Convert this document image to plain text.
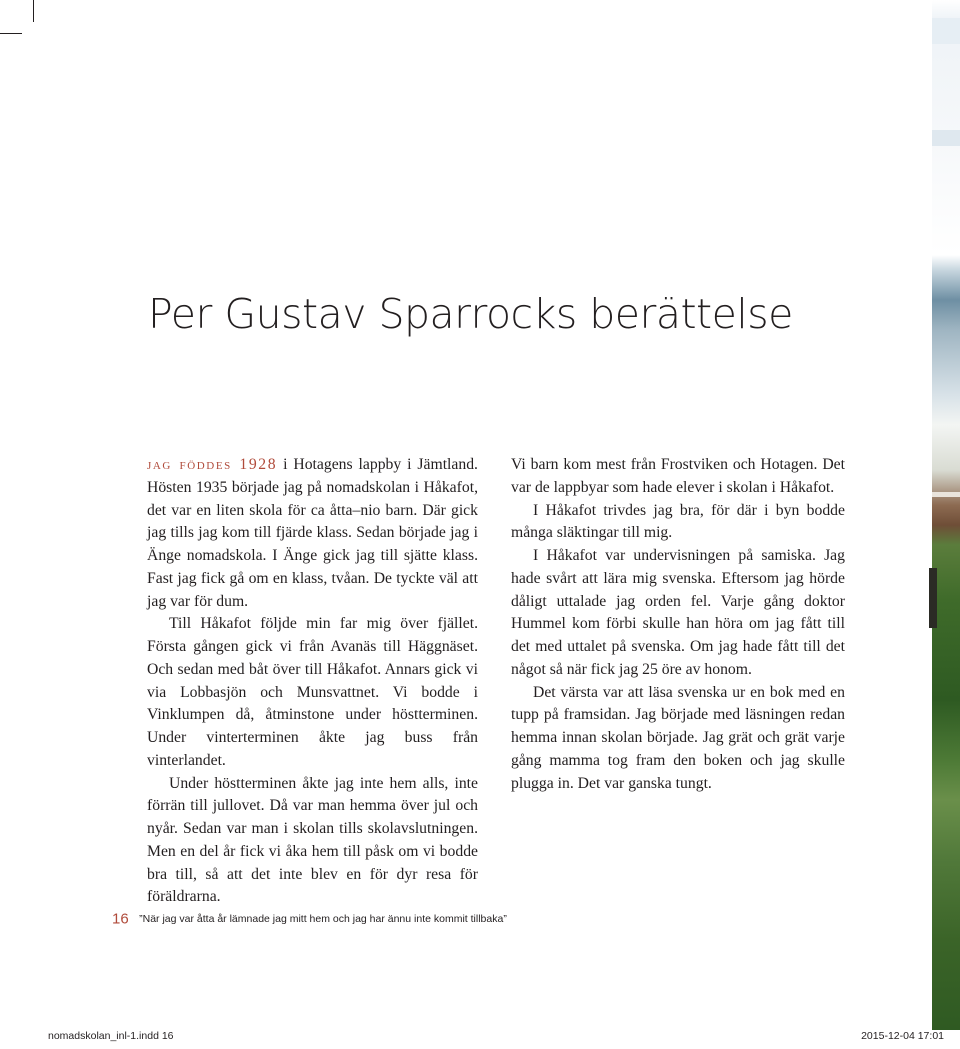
Per Gustav Sparrocks berättelse

jag föddes 1928 i Hotagens lappby i Jämtland. Hösten 1935 började jag på nomadskolan i Håkafot, det var en liten skola för ca åtta–nio barn. Där gick jag tills jag kom till fjärde klass. Sedan började jag i Änge nomadskola. I Änge gick jag till sjätte klass. Fast jag fick gå om en klass, tvåan. De tyckte väl att jag var för dum.

Till Håkafot följde min far mig över fjället. Första gången gick vi från Avanäs till Häggnäset. Och sedan med båt över till Håkafot. Annars gick vi via Lobbasjön och Munsvattnet. Vi bodde i Vinklumpen då, åtminstone under höstterminen. Under vinterterminen åkte jag buss från vinterlandet.

Under höstterminen åkte jag inte hem alls, inte förrän till jullovet. Då var man hemma över jul och nyår. Sedan var man i skolan tills skolavslutningen. Men en del år fick vi åka hem till påsk om vi bodde bra till, så att det inte blev en för dyr resa för föräldrarna.

Vi barn kom mest från Frostviken och Hotagen. Det var de lappbyar som hade elever i skolan i Håkafot.

I Håkafot trivdes jag bra, för där i byn bodde många släktingar till mig.

I Håkafot var undervisningen på samiska. Jag hade svårt att lära mig svenska. Eftersom jag hörde dåligt uttalade jag orden fel. Varje gång doktor Hummel kom förbi skulle han höra om jag fått till det med uttalet på svenska. Om jag hade fått till det något så när fick jag 25 öre av honom.

Det värsta var att läsa svenska ur en bok med en tupp på framsidan. Jag började med läsningen redan hemma innan skolan började. Jag grät och grät varje gång mamma tog fram den boken och jag skulle plugga in. Det var ganska tungt.

16 ”När jag var åtta år lämnade jag mitt hem och jag har ännu inte kommit tillbaka”
nomadskolan_inl-1.indd 16	2015-12-04 17:01
